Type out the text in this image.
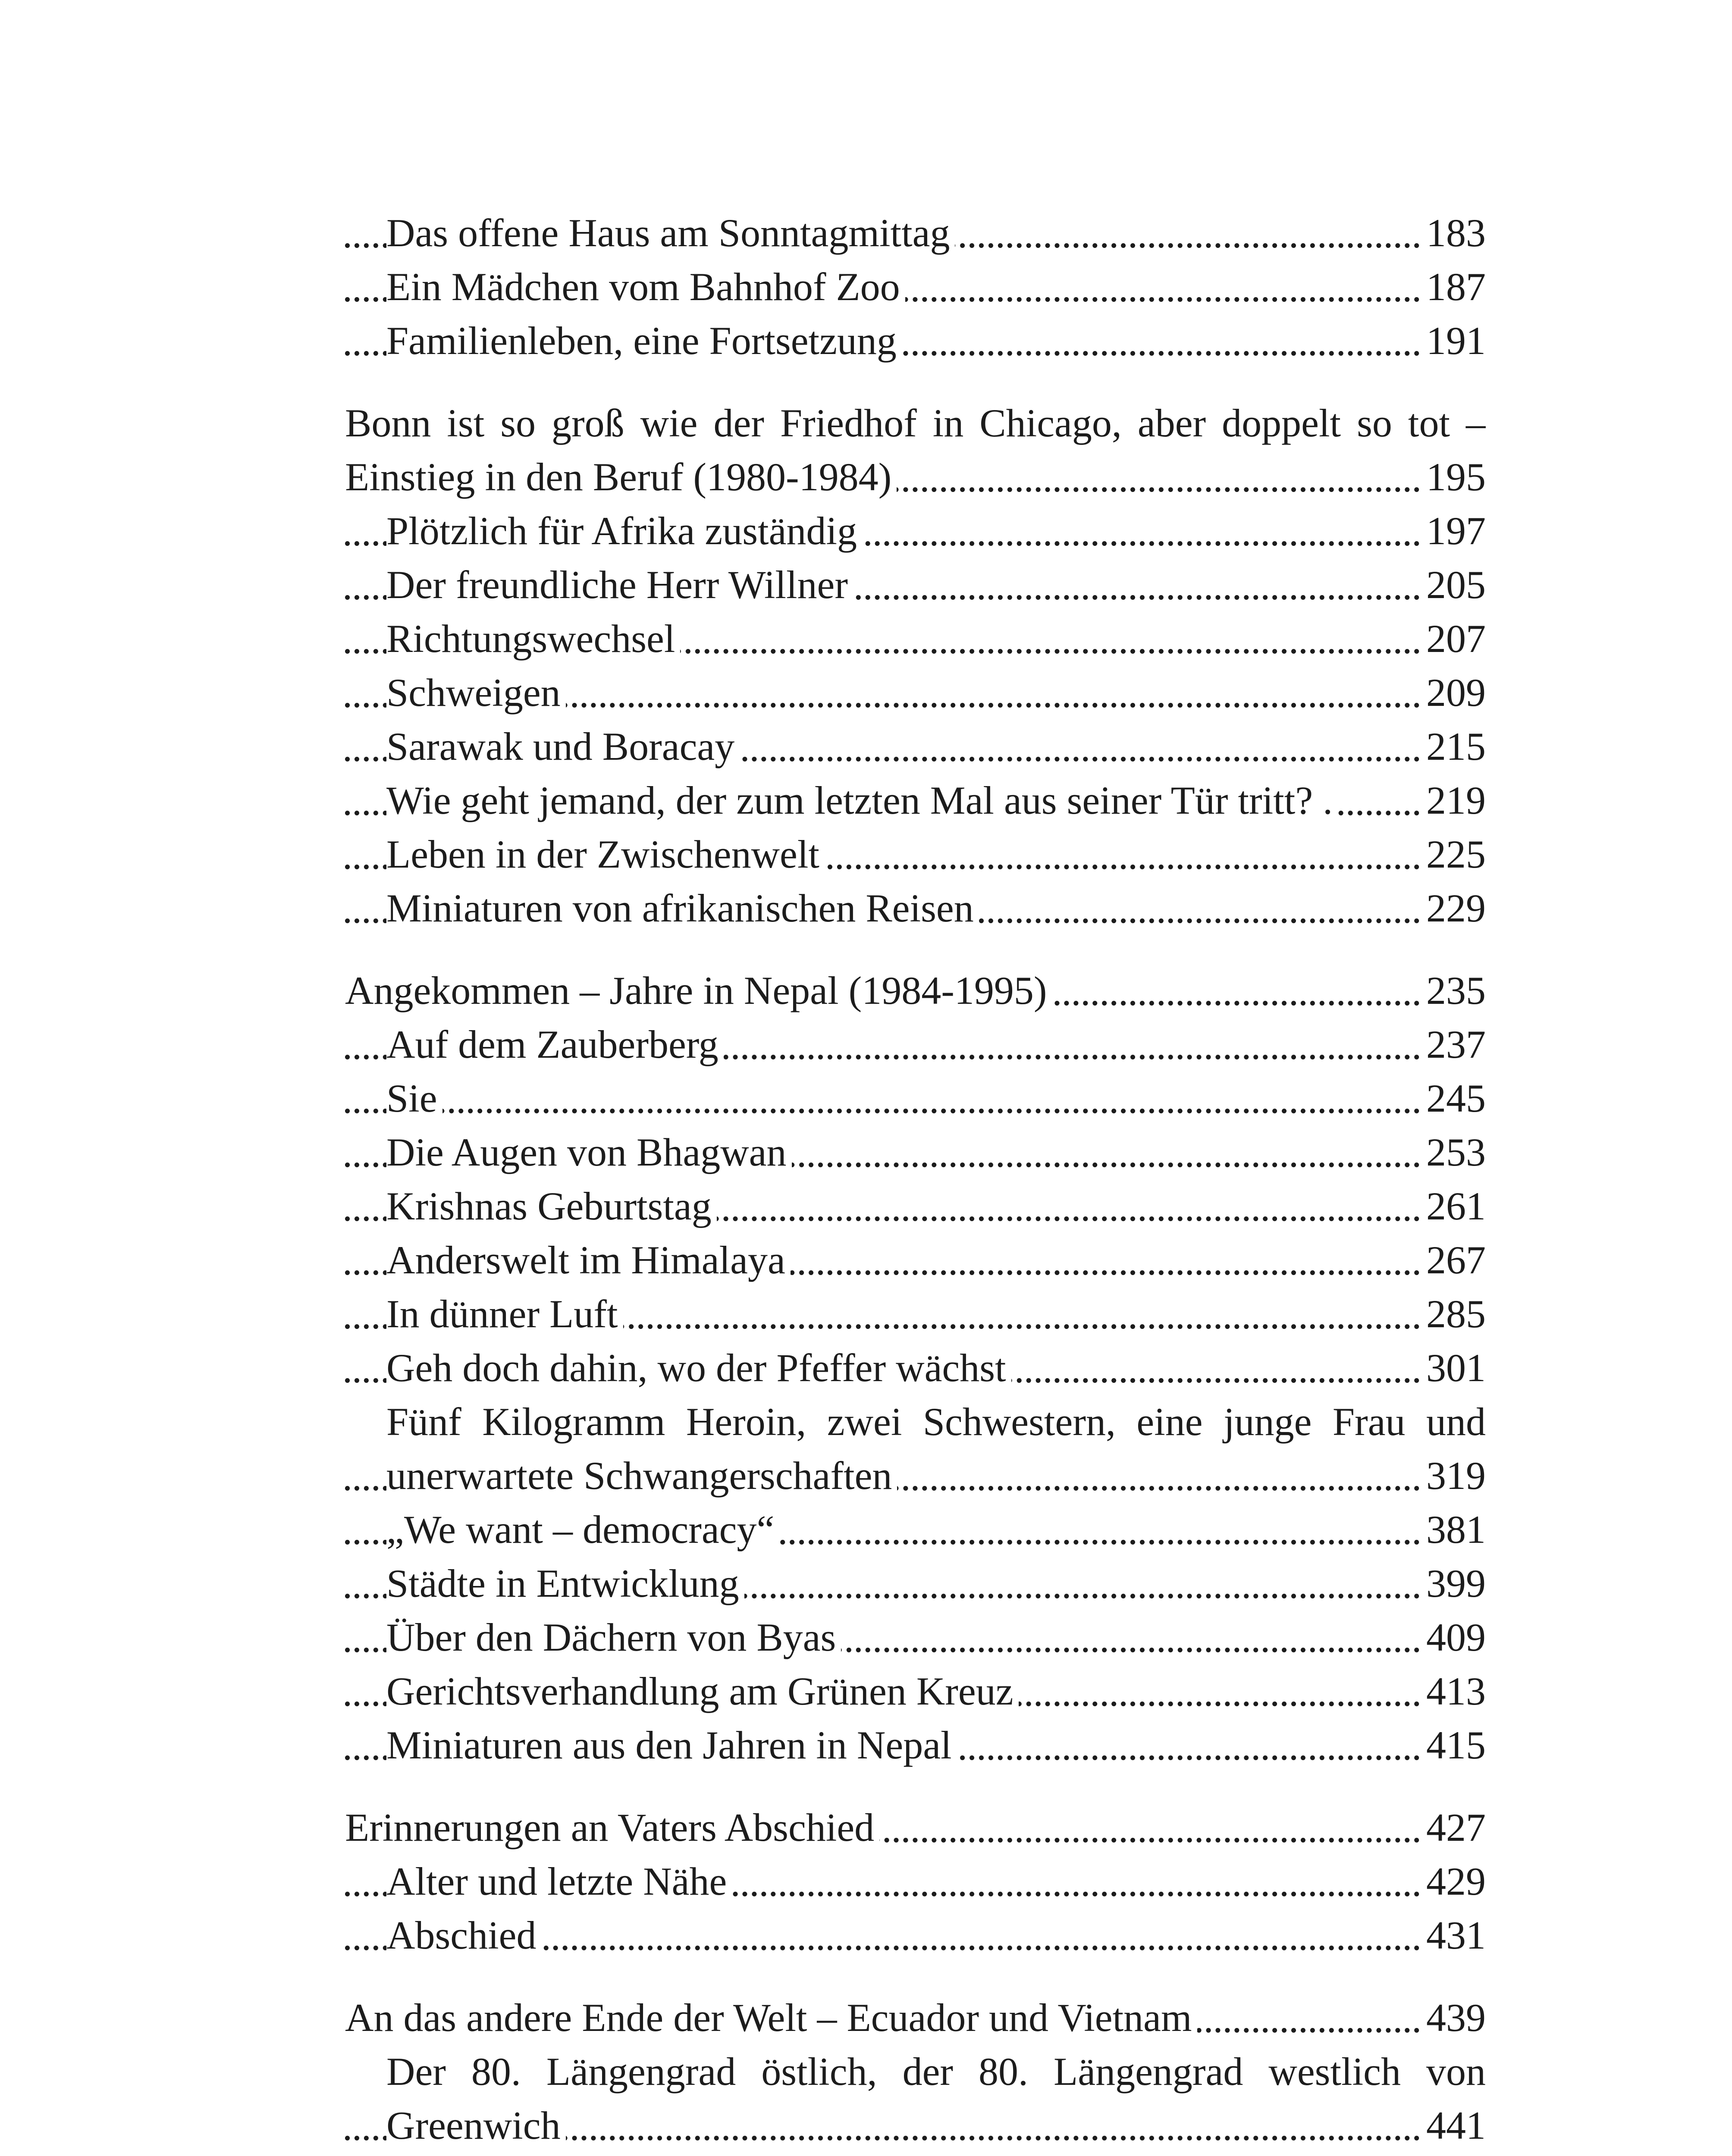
Das offene Haus am Sonntagmittag	183
Ein Mädchen vom Bahnhof Zoo	187
Familienleben, eine Fortsetzung	191
Bonn ist so groß wie der Friedhof in Chicago, aber doppelt so tot –
Einstieg in den Beruf (1980-1984)	195
Plötzlich für Afrika zuständig	197
Der freundliche Herr Willner	205
Richtungswechsel	207
Schweigen	209
Sarawak und Boracay	215
Wie geht jemand, der zum letzten Mal aus seiner Tür tritt? . 219
Leben in der Zwischenwelt	225
Miniaturen von afrikanischen Reisen	229
Angekommen – Jahre in Nepal (1984-1995)	235
Auf dem Zauberberg	237
Sie	245
Die Augen von Bhagwan	253
Krishnas Geburtstag	261
Anderswelt im Himalaya	267
In dünner Luft	285
Geh doch dahin, wo der Pfeffer wächst	301
Fünf Kilogramm Heroin, zwei Schwestern, eine junge Frau und
unerwartete Schwangerschaften	319
„We want – democracy“	381
Städte in Entwicklung	399
Über den Dächern von Byas	409
Gerichtsverhandlung am Grünen Kreuz	413
Miniaturen aus den Jahren in Nepal	415
Erinnerungen an Vaters Abschied	427
Alter und letzte Nähe	429
Abschied	431
An das andere Ende der Welt – Ecuador und Vietnam	439
Der 80. Längengrad östlich, der 80. Längengrad westlich von
Greenwich	441
